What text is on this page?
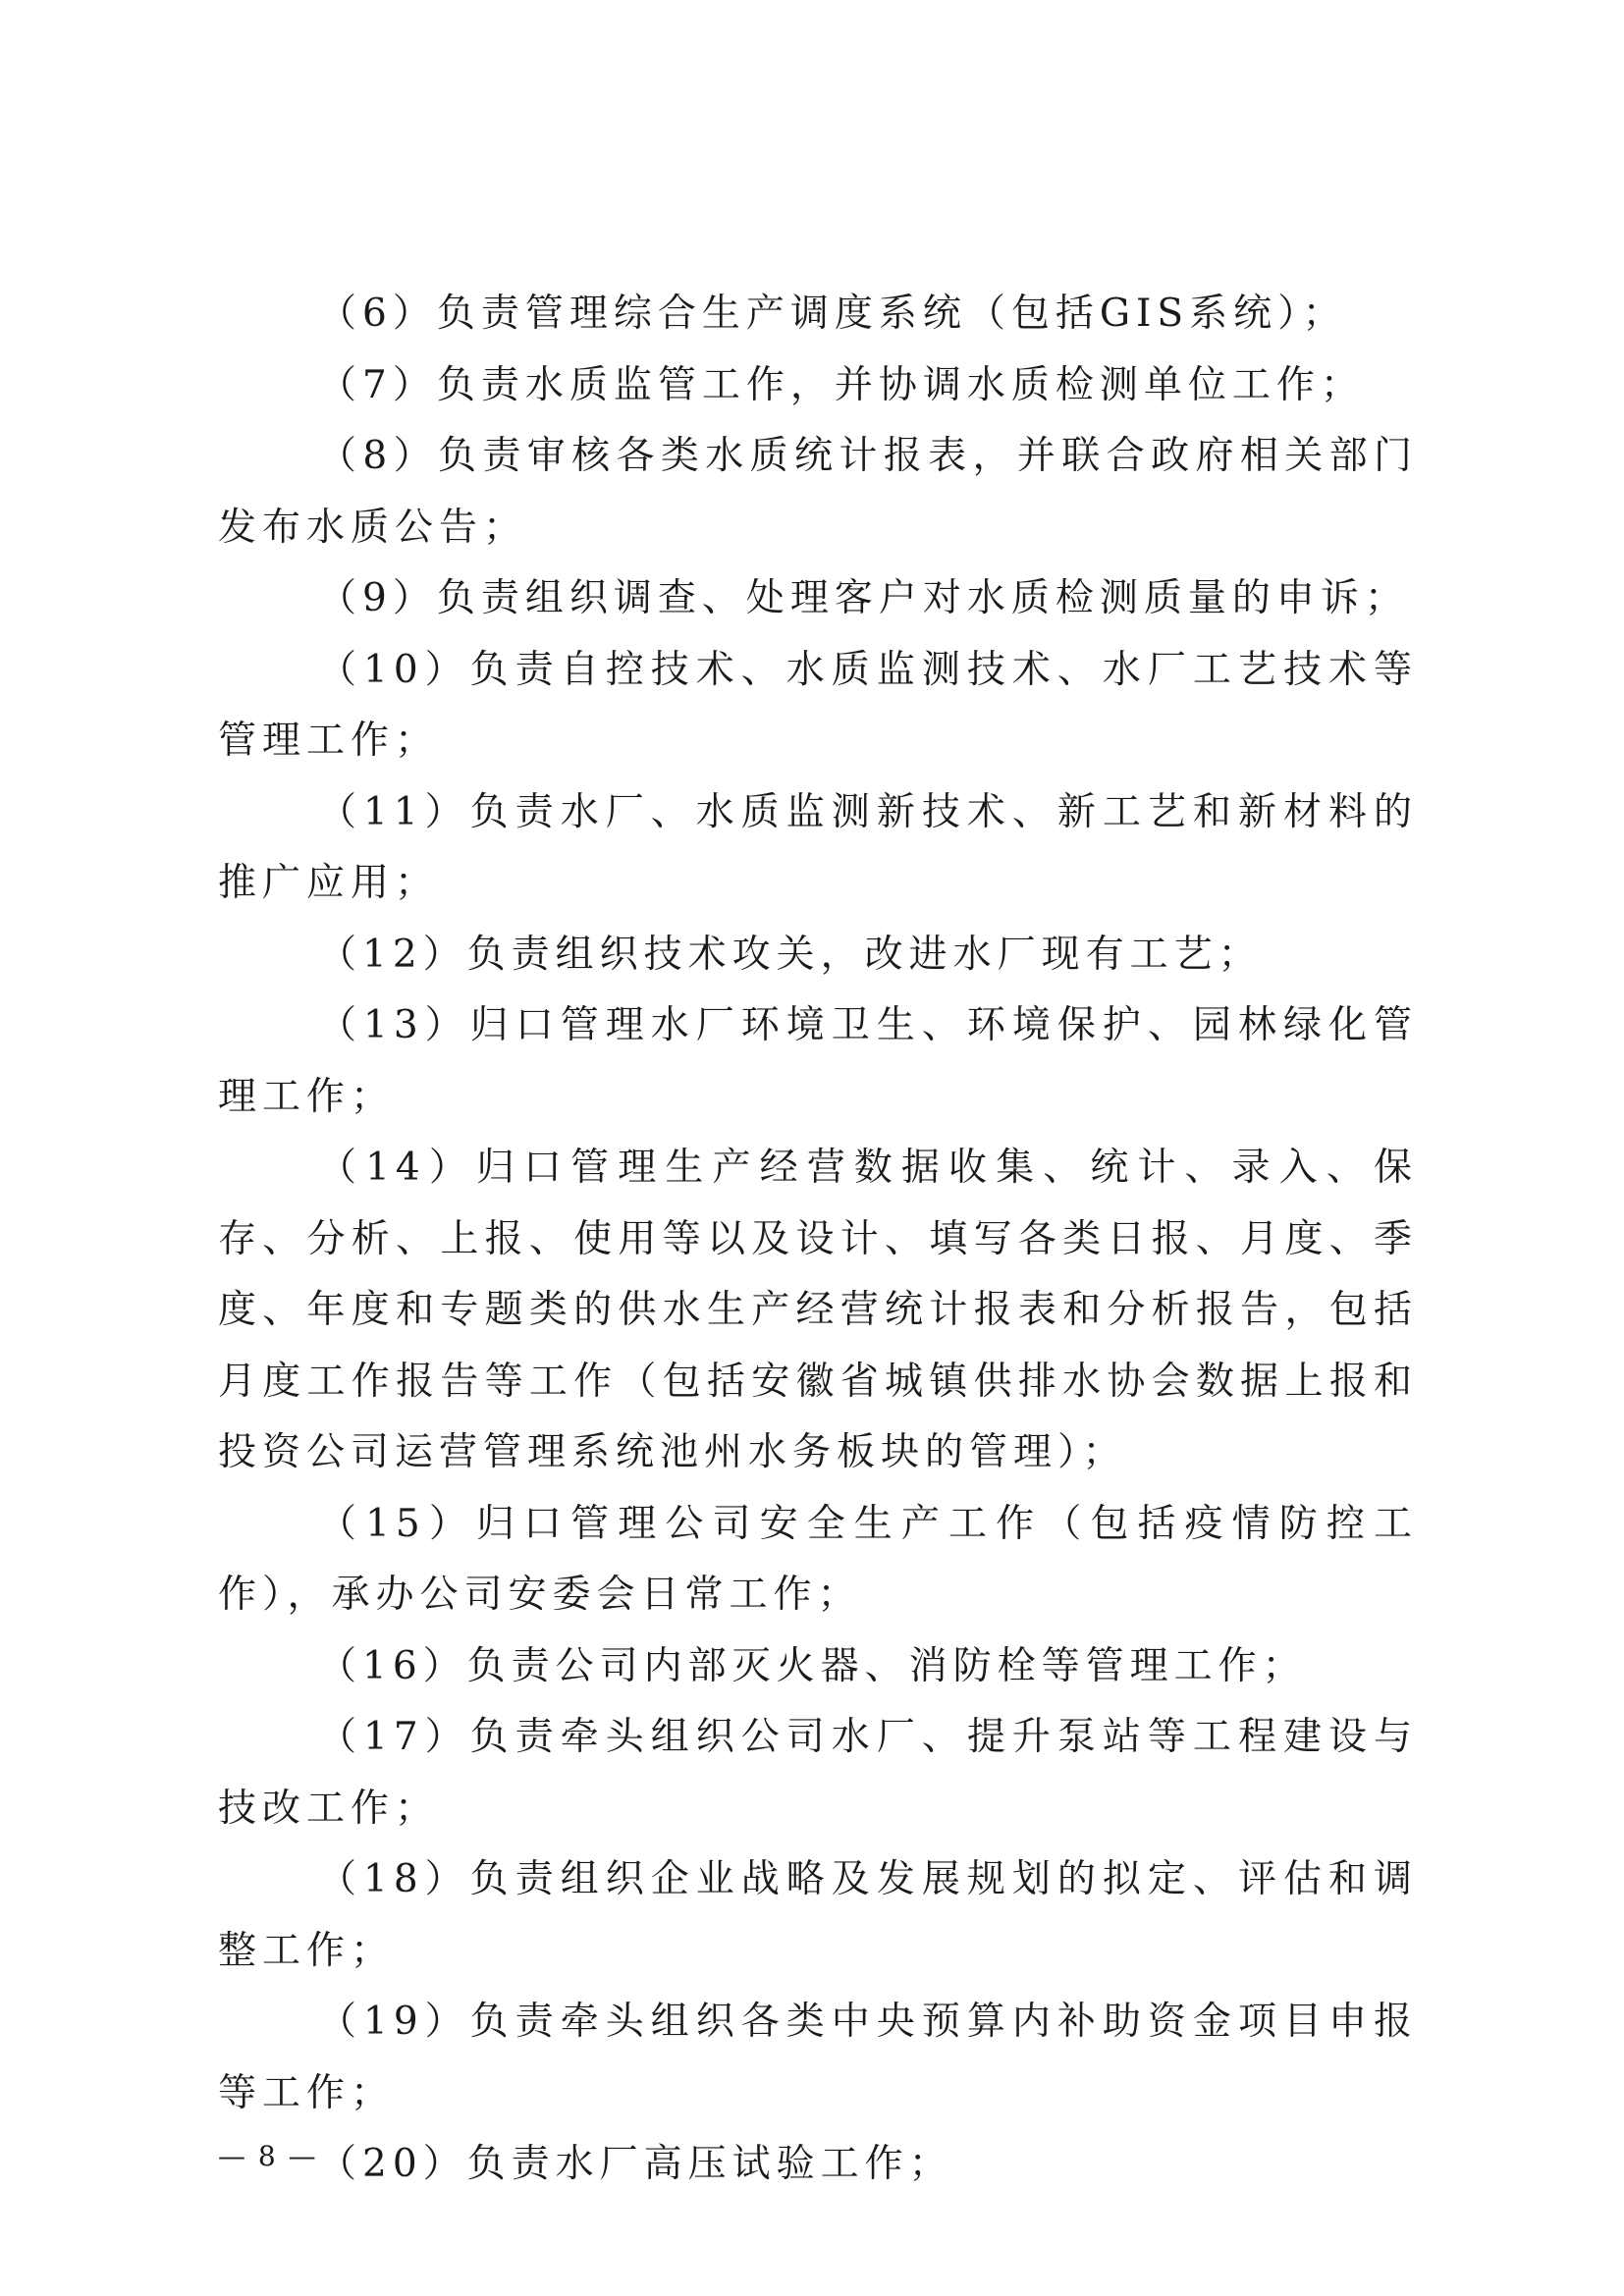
（6）负责管理综合生产调度系统（包括GIS系统）；

（7）负责水质监管工作，并协调水质检测单位工作；

（8）负责审核各类水质统计报表，并联合政府相关部门发布水质公告；

（9）负责组织调查、处理客户对水质检测质量的申诉；

（10）负责自控技术、水质监测技术、水厂工艺技术等管理工作；

（11）负责水厂、水质监测新技术、新工艺和新材料的推广应用；

（12）负责组织技术攻关，改进水厂现有工艺；

（13）归口管理水厂环境卫生、环境保护、园林绿化管理工作；

（14）归口管理生产经营数据收集、统计、录入、保存、分析、上报、使用等以及设计、填写各类日报、月度、季度、年度和专题类的供水生产经营统计报表和分析报告，包括月度工作报告等工作（包括安徽省城镇供排水协会数据上报和投资公司运营管理系统池州水务板块的管理）；

（15）归口管理公司安全生产工作（包括疫情防控工作），承办公司安委会日常工作；

（16）负责公司内部灭火器、消防栓等管理工作；

（17）负责牵头组织公司水厂、提升泵站等工程建设与技改工作；

（18）负责组织企业战略及发展规划的拟定、评估和调整工作；

（19）负责牵头组织各类中央预算内补助资金项目申报等工作；

（20）负责水厂高压试验工作；

— 8 —
